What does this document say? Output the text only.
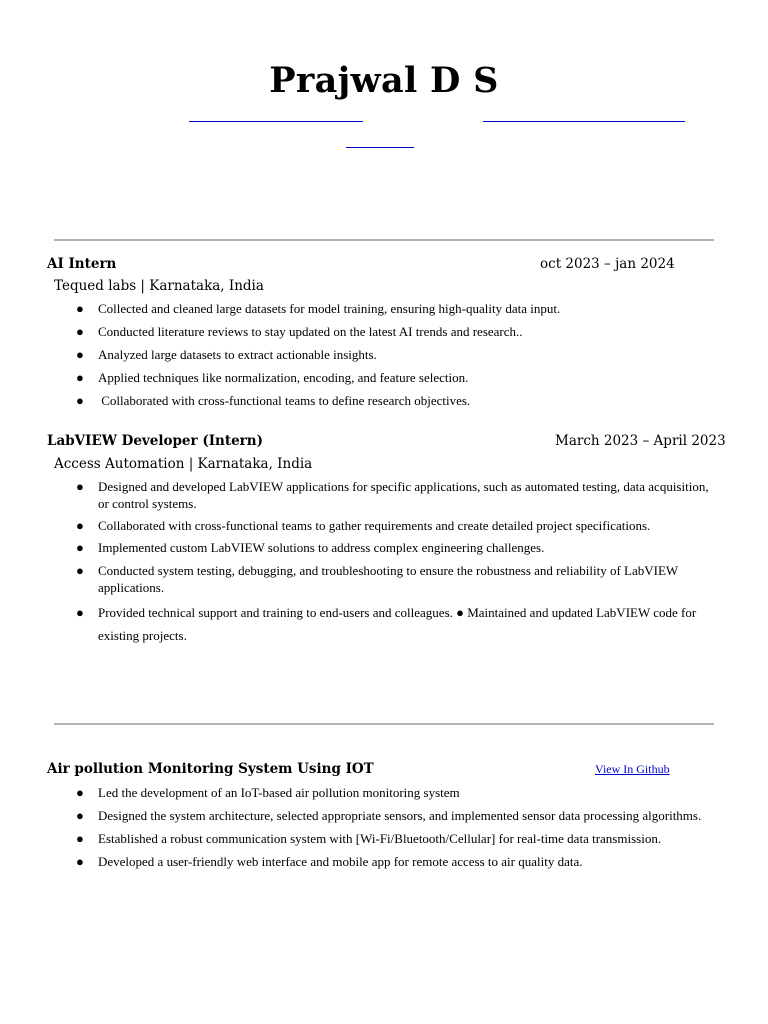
Prajwal D S
AI Intern	oct 2023 – jan 2024
Tequed labs | Karnataka, India
● Collected and cleaned large datasets for model training, ensuring high-quality data input.
● Conducted literature reviews to stay updated on the latest AI trends and research..
● Analyzed large datasets to extract actionable insights.
● Applied techniques like normalization, encoding, and feature selection.
● Collaborated with cross-functional teams to define research objectives.
LabVIEW Developer (Intern)	March 2023 – April 2023
Access Automation | Karnataka, India
● Designed and developed LabVIEW applications for specific applications, such as automated testing, data acquisition, or control systems.
● Collaborated with cross-functional teams to gather requirements and create detailed project specifications.
● Implemented custom LabVIEW solutions to address complex engineering challenges.
● Conducted system testing, debugging, and troubleshooting to ensure the robustness and reliability of LabVIEW applications.
● Provided technical support and training to end-users and colleagues. ● Maintained and updated LabVIEW code for existing projects.
Air pollution Monitoring System Using IOT	View In Github
● Led the development of an IoT-based air pollution monitoring system
● Designed the system architecture, selected appropriate sensors, and implemented sensor data processing algorithms.
● Established a robust communication system with [Wi-Fi/Bluetooth/Cellular] for real-time data transmission.
● Developed a user-friendly web interface and mobile app for remote access to air quality data.
